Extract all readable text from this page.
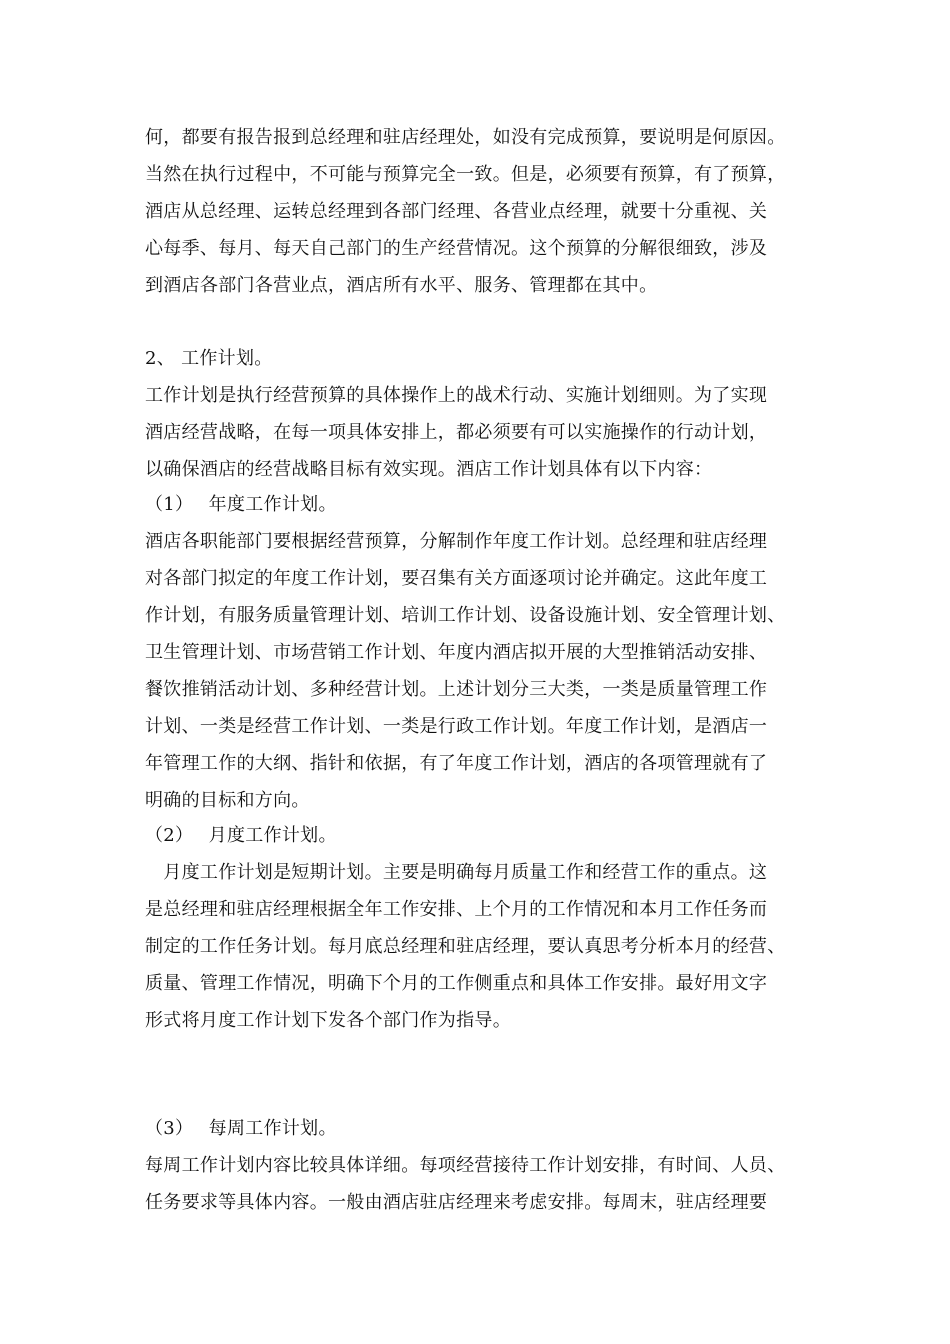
何，都要有报告报到总经理和驻店经理处，如没有完成预算，要说明是何原因。
当然在执行过程中，不可能与预算完全一致。但是，必须要有预算，有了预算，
酒店从总经理、运转总经理到各部门经理、各营业点经理，就要十分重视、关
心每季、每月、每天自己部门的生产经营情况。这个预算的分解很细致，涉及
到酒店各部门各营业点，酒店所有水平、服务、管理都在其中。
2、 工作计划。
工作计划是执行经营预算的具体操作上的战术行动、实施计划细则。为了实现
酒店经营战略，在每一项具体安排上，都必须要有可以实施操作的行动计划，
以确保酒店的经营战略目标有效实现。酒店工作计划具体有以下内容：
（1）　 年度工作计划。
酒店各职能部门要根据经营预算，分解制作年度工作计划。总经理和驻店经理
对各部门拟定的年度工作计划，要召集有关方面逐项讨论并确定。这此年度工
作计划，有服务质量管理计划、培训工作计划、设备设施计划、安全管理计划、
卫生管理计划、市场营销工作计划、年度内酒店拟开展的大型推销活动安排、
餐饮推销活动计划、多种经营计划。上述计划分三大类，一类是质量管理工作
计划、一类是经营工作计划、一类是行政工作计划。年度工作计划，是酒店一
年管理工作的大纲、指针和依据，有了年度工作计划，酒店的各项管理就有了
明确的目标和方向。
（2）　 月度工作计划。
　月度工作计划是短期计划。主要是明确每月质量工作和经营工作的重点。这
是总经理和驻店经理根据全年工作安排、上个月的工作情况和本月工作任务而
制定的工作任务计划。每月底总经理和驻店经理，要认真思考分析本月的经营、
质量、管理工作情况，明确下个月的工作侧重点和具体工作安排。最好用文字
形式将月度工作计划下发各个部门作为指导。
（3）　 每周工作计划。
每周工作计划内容比较具体详细。每项经营接待工作计划安排，有时间、人员、
任务要求等具体内容。一般由酒店驻店经理来考虑安排。每周末，驻店经理要
